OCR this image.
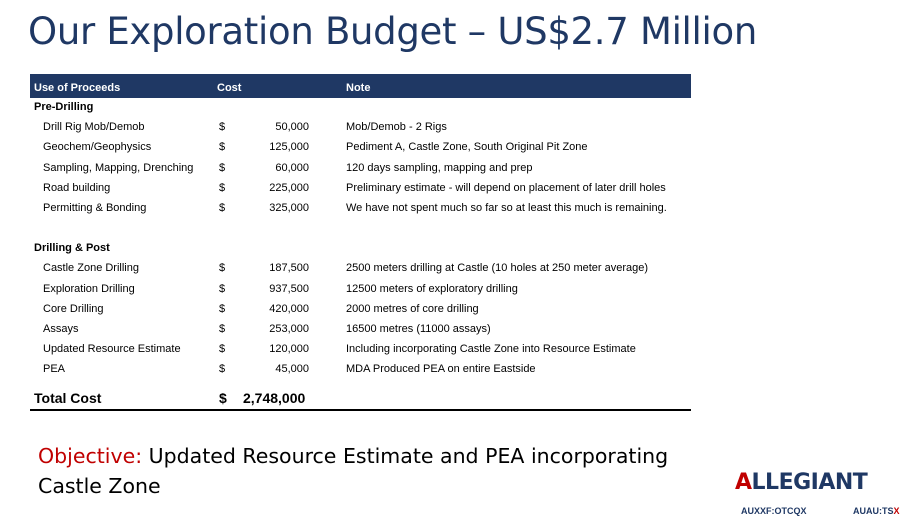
Our Exploration Budget – US$2.7 Million
Use of Proceeds	Cost	Note
Pre-Drilling
Drill Rig Mob/Demob	$	50,000	Mob/Demob - 2 Rigs
Geochem/Geophysics	$	125,000	Pediment A, Castle Zone, South Original Pit Zone
Sampling, Mapping, Drenching $	60,000	120 days sampling, mapping and prep
Road building	$	225,000	Preliminary estimate - will depend on placement of later drill holes
Permitting & Bonding	$	325,000	We have not spent much so far so at least this much is remaining.
Drilling & Post
Castle Zone Drilling	$	187,500	2500 meters drilling at Castle (10 holes at 250 meter average)
Exploration Drilling	$	937,500	12500 meters of exploratory drilling
Core Drilling	$	420,000	2000 metres of core drilling
Assays	$	253,000	16500 metres (11000 assays)
Updated Resource Estimate	$	120,000	Including incorporating Castle Zone into Resource Estimate
PEA	$	45,000	MDA Produced PEA on entire Eastside
Total Cost	$ 2,748,000

Objective: Updated Resource Estimate and PEA incorporating Castle Zone	ALLEGIANT
AUXXF:OTCQX	AUAU:TSX
